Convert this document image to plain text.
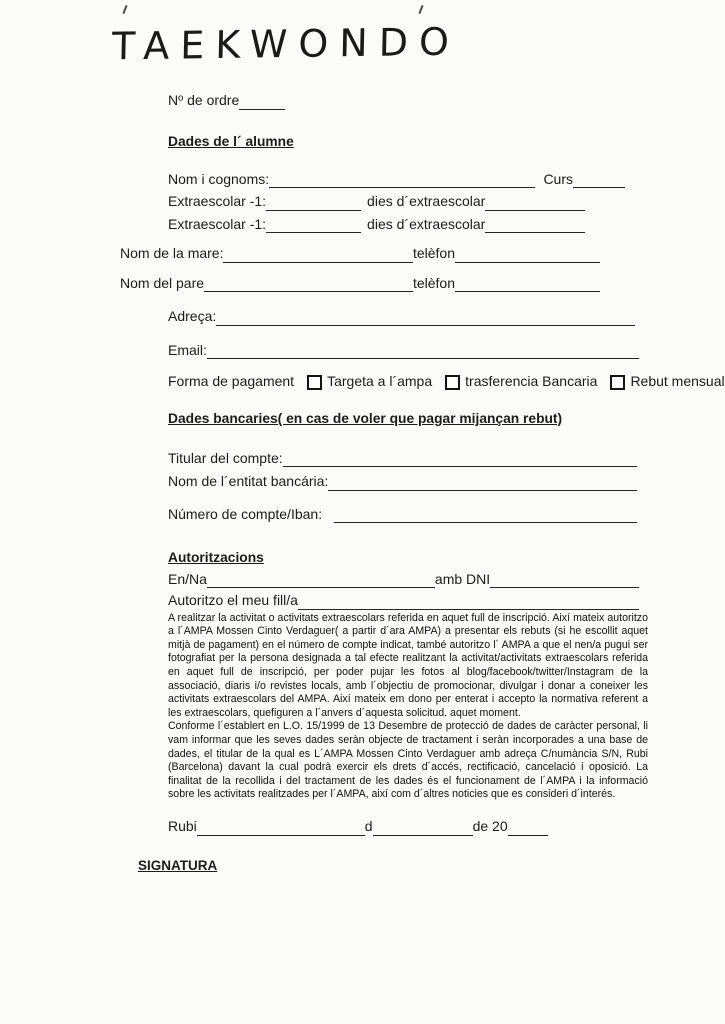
TAEKWONDO
Nº de ordre
Dades de l´ alumne
Nom i cognoms:	Curs
Extraescolar -1:	dies d´extraescolar
Extraescolar -1:	dies d´extraescolar
Nom de la mare:	telèfon
Nom del pare	telèfon
Adreça:
Email:
Forma de pagament Targeta a l´ampa trasferencia Bancaria Rebut mensual
Dades bancaries( en cas de voler que pagar mijançan rebut)
Titular del compte:
Nom de l´entitat bancária:
Número de compte/Iban:
Autoritzacions
En/Na	amb DNI
Autoritzo el meu fill/a
A realitzar la activitat o activitats extraescolars referida en aquet full de inscripció. Així mateix autoritzo a l´AMPA Mossen Cinto Verdaguer( a partir d´ara AMPA) a presentar els rebuts (si he escollit aquet mitjà de pagament) en el número de compte indicat, també autoritzo l´ AMPA a que el nen/a pugui ser fotografiat per la persona designada a tal efecte realitzant la activitat/activitats extraescolars referida en aquet full de inscripció, per poder pujar les fotos al blog/facebook/twitter/Instagram de la associació, diaris i/o revistes locals, amb l´objectiu de promocionar, divulgar i donar a coneixer les activitats extraescolars del AMPA. Així mateix em dono per enterat i accepto la normativa referent a les extraescolars, quefiguren a l´anvers d´aquesta solicitud. aquet moment.
Conforme l´establert en L.O. 15/1999 de 13 Desembre de protecció de dades de caràcter personal, li vam informar que les seves dades seràn objecte de tractament i seràn incorporades a una base de dades, el titular de la qual es L´AMPA Mossen Cinto Verdaguer amb adreça C/numància S/N, Rubi (Barcelona) davant la cual podrà exercir els drets d´accés, rectificació, cancelació i oposició. La finalitat de la recollida i del tractament de les dades és el funcionament de l´AMPA i la informació sobre les activitats realitzades per l´AMPA, així com d´altres noticies que es consideri d´interés.
Rubi	d	de 20
SIGNATURA
